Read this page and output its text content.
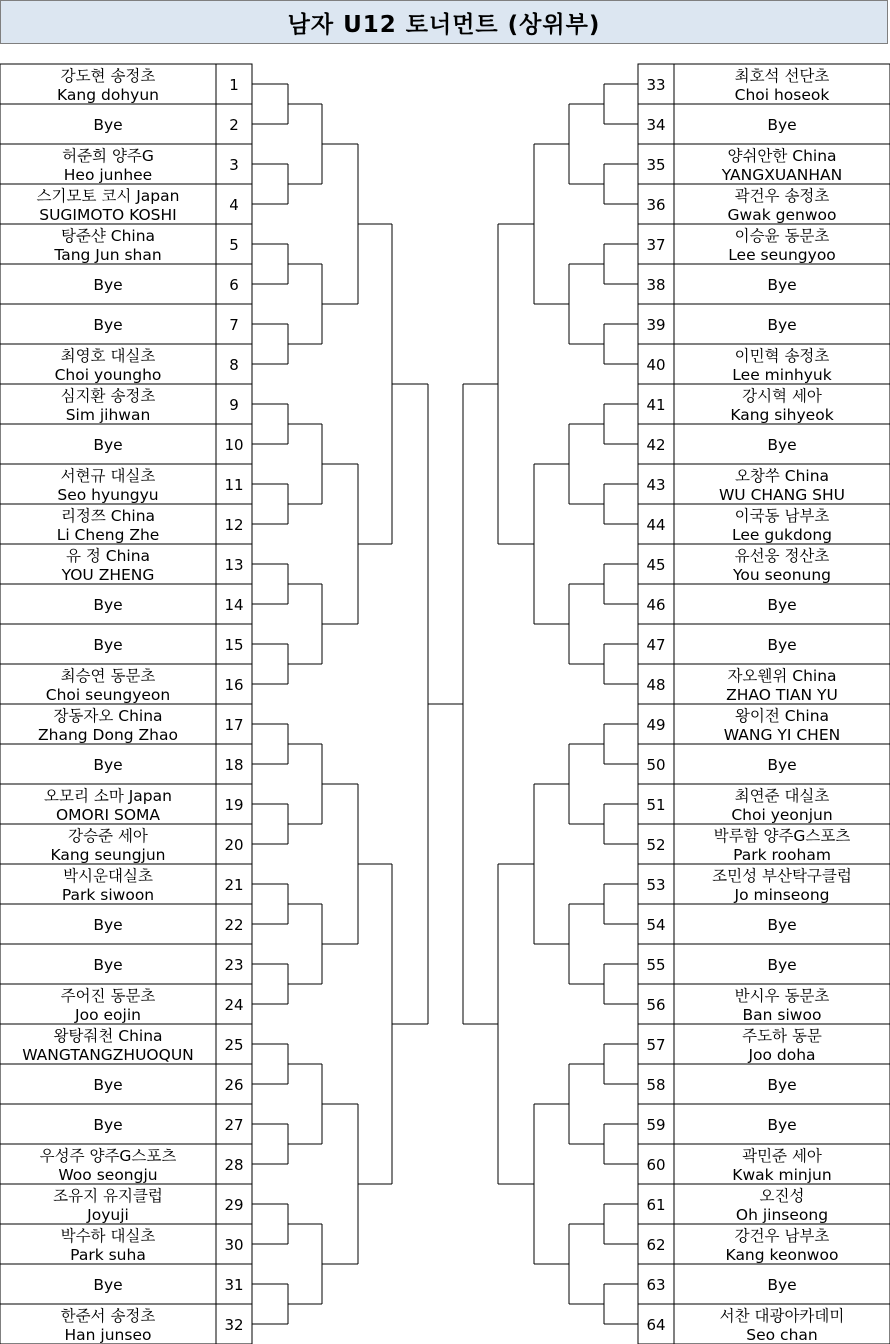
남자 U12 토너먼트 (상위부)
강도현 송정초
Kang dohyun
1
Bye	2
허준희 양주G
Heo junhee
3
스기모토 코시 Japan
SUGIMOTO KOSHI
4
탕준샨 China
Tang Jun shan
5
Bye	6
Bye	7
최영호 대실초
Choi youngho
8
심지환 송정초
Sim jihwan
9
Bye	10
서현규 대실초
Seo hyungyu
11
리정쯔 China
Li Cheng Zhe
12
유 정 China
YOU ZHENG
13
Bye	14
Bye	15
최승연 동문초
Choi seungyeon
16
장동자오 China
Zhang Dong Zhao
17
Bye	18
오모리 소마 Japan
OMORI SOMA
19
강승준 세아
Kang seungjun
20
박시운대실초
Park siwoon
21
Bye	22
Bye	23
주어진 동문초
Joo eojin
24
왕탕줘천 China
WANGTANGZHUOQUN
25
Bye	26
Bye	27
우성주 양주G스포츠
Woo seongju
28
조유지 유지클럽
Joyuji
29
박수하 대실초
Park suha
30
Bye	31
한준서 송정초
Han junseo
32
최호석 선단초
Choi hoseok
33
Bye
34
양쉬안한 China
YANGXUANHAN
35
곽건우 송정초
Gwak genwoo
36
이승윤 동문초
Lee seungyoo
37
Bye
38
Bye
39
이민혁 송정초
Lee minhyuk
40
강시혁 세아
Kang sihyeok
41
Bye
42
오창쑤 China
WU CHANG SHU
43
이국동 남부초
Lee gukdong
44
유선웅 정산초
You seonung
45
Bye
46
Bye
47
자오웬위 China
ZHAO TIAN YU
48
왕이전 China
WANG YI CHEN
49
Bye
50
최연준 대실초
Choi yeonjun
51
박루함 양주G스포츠
Park rooham
52
조민성 부산탁구클럽
Jo minseong
53
Bye
54
Bye
55
반시우 동문초
Ban siwoo
56
주도하 동문
Joo doha
57
Bye
58
Bye
59
곽민준 세아
Kwak minjun
60
오진성
Oh jinseong
61
강건우 남부초
Kang keonwoo
62
Bye
63
서찬 대광아카데미
Seo chan
64
